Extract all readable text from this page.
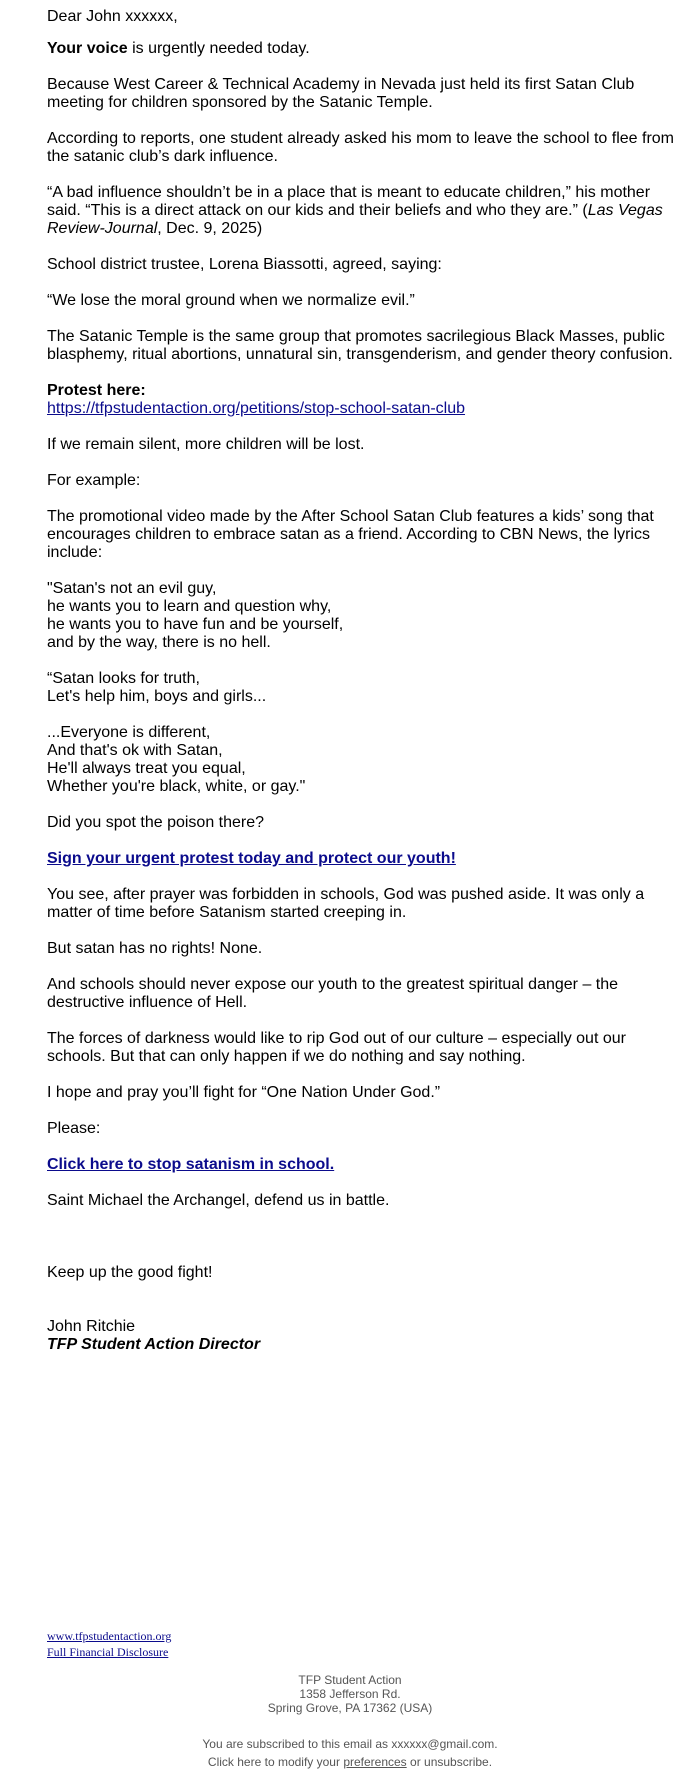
Dear John xxxxxx,

Your voice is urgently needed today.

Because West Career & Technical Academy in Nevada just held its first Satan Club meeting for children sponsored by the Satanic Temple.

According to reports, one student already asked his mom to leave the school to flee from the satanic club’s dark influence.

“A bad influence shouldn’t be in a place that is meant to educate children,” his mother said. “This is a direct attack on our kids and their beliefs and who they are.” (Las Vegas Review-Journal, Dec. 9, 2025)

School district trustee, Lorena Biassotti, agreed, saying:

“We lose the moral ground when we normalize evil.”

The Satanic Temple is the same group that promotes sacrilegious Black Masses, public blasphemy, ritual abortions, unnatural sin, transgenderism, and gender theory confusion.

Protest here:
https://tfpstudentaction.org/petitions/stop-school-satan-club

If we remain silent, more children will be lost.

For example:

The promotional video made by the After School Satan Club features a kids’ song that encourages children to embrace satan as a friend. According to CBN News, the lyrics include:

"Satan's not an evil guy,
he wants you to learn and question why,
he wants you to have fun and be yourself,
and by the way, there is no hell.

“Satan looks for truth,
Let's help him, boys and girls...

...Everyone is different,
And that's ok with Satan,
He'll always treat you equal,
Whether you're black, white, or gay."

Did you spot the poison there?

Sign your urgent protest today and protect our youth!

You see, after prayer was forbidden in schools, God was pushed aside. It was only a matter of time before Satanism started creeping in.

But satan has no rights! None.

And schools should never expose our youth to the greatest spiritual danger – the destructive influence of Hell.

The forces of darkness would like to rip God out of our culture – especially out our schools. But that can only happen if we do nothing and say nothing.

I hope and pray you’ll fight for “One Nation Under God.”

Please:

Click here to stop satanism in school.

Saint Michael the Archangel, defend us in battle.

Keep up the good fight!

John Ritchie
TFP Student Action Director
www.tfpstudentaction.org
Full Financial Disclosure
TFP Student Action
1358 Jefferson Rd.
Spring Grove, PA 17362 (USA)
You are subscribed to this email as xxxxxx@gmail.com.
Click here to modify your preferences or unsubscribe.
